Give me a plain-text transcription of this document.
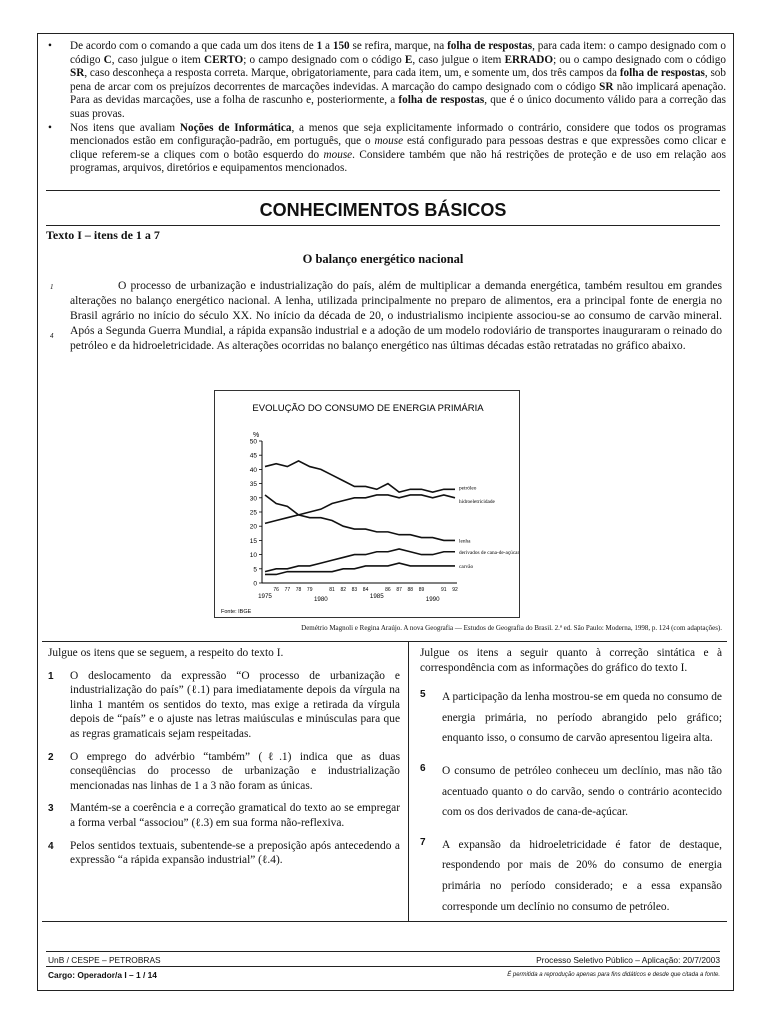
•	De acordo com o comando a que cada um dos itens de 1 a 150 se refira, marque, na folha de respostas, para cada item: o campo designado com o código C, caso julgue o item CERTO; o campo designado com o código E, caso julgue o item ERRADO; ou o campo designado com o código SR, caso desconheça a resposta correta. Marque, obrigatoriamente, para cada item, um, e somente um, dos três campos da folha de respostas, sob pena de arcar com os prejuízos decorrentes de marcações indevidas. A marcação do campo designado com o código SR não implicará apenação. Para as devidas marcações, use a folha de rascunho e, posteriormente, a folha de respostas, que é o único documento válido para a correção das suas provas.
•	Nos itens que avaliam Noções de Informática, a menos que seja explicitamente informado o contrário, considere que todos os programas mencionados estão em configuração-padrão, em português, que o mouse está configurado para pessoas destras e que expressões como clicar e clique referem-se a cliques com o botão esquerdo do mouse. Considere também que não há restrições de proteção e de uso em relação aos programas, arquivos, diretórios e equipamentos mencionados.
CONHECIMENTOS BÁSICOS
Texto I – itens de 1 a 7
O balanço energético nacional
1
4
O processo de urbanização e industrialização do país, além de multiplicar a demanda energética, também resultou em grandes alterações no balanço energético nacional. A lenha, utilizada principalmente no preparo de alimentos, era a principal fonte de energia no Brasil agrário no início do século XX. No início da década de 20, o industrialismo incipiente associou-se ao consumo de carvão mineral. Após a Segunda Guerra Mundial, a rápida expansão industrial e a adoção de um modelo rodoviário de transportes inauguraram o reinado do petróleo e da hidroeletricidade. As alterações ocorridas no balanço energético nas últimas décadas estão retratadas no gráfico abaixo.
EVOLUÇÃO DO CONSUMO DE ENERGIA PRIMÁRIA
%
0
5
10
15
20
25
30
35
40
45
50
76 77 78 79	81 82 83 84	86 87 88 89	91 92
1975	1980	1985	1990
petróleo
hidroeletricidade
lenha
derivados de cana-de-açúcar
carvão
Fonte: IBGE
Demétrio Magnoli e Regina Araújo. A nova Geografia — Estudos de Geografia do Brasil. 2.ª ed. São Paulo: Moderna, 1998, p. 124 (com adaptações).
Julgue os itens que se seguem, a respeito do texto I.
1	O deslocamento da expressão “O processo de urbanização e industrialização do país” (ℓ.1) para imediatamente depois da vírgula na linha 1 mantém os sentidos do texto, mas exige a retirada da vírgula depois de “país” e o ajuste nas letras maiúsculas e minúsculas para que as regras gramaticais sejam respeitadas.
2	O emprego do advérbio “também” (ℓ.1) indica que as duas conseqüências do processo de urbanização e industrialização mencionadas nas linhas de 1 a 3 não foram as únicas.
3	Mantém-se a coerência e a correção gramatical do texto ao se empregar a forma verbal “associou” (ℓ.3) em sua forma não-reflexiva.
4	Pelos sentidos textuais, subentende-se a preposição após antecedendo a expressão “a rápida expansão industrial” (ℓ.4).
Julgue os itens a seguir quanto à correção sintática e à correspondência com as informações do gráfico do texto I.
5	A participação da lenha mostrou-se em queda no consumo de energia primária, no período abrangido pelo gráfico; enquanto isso, o consumo de carvão apresentou ligeira alta.
6	O consumo de petróleo conheceu um declínio, mas não tão acentuado quanto o do carvão, sendo o contrário acontecido com os dos derivados de cana-de-açúcar.
7	A expansão da hidroeletricidade é fator de destaque, respondendo por mais de 20% do consumo de energia primária no período considerado; e a essa expansão corresponde um declínio no consumo de petróleo.
UnB / CESPE – PETROBRAS	Processo Seletivo Público – Aplicação: 20/7/2003
Cargo: Operador/a I – 1 / 14	É permitida a reprodução apenas para fins didáticos e desde que citada a fonte.
